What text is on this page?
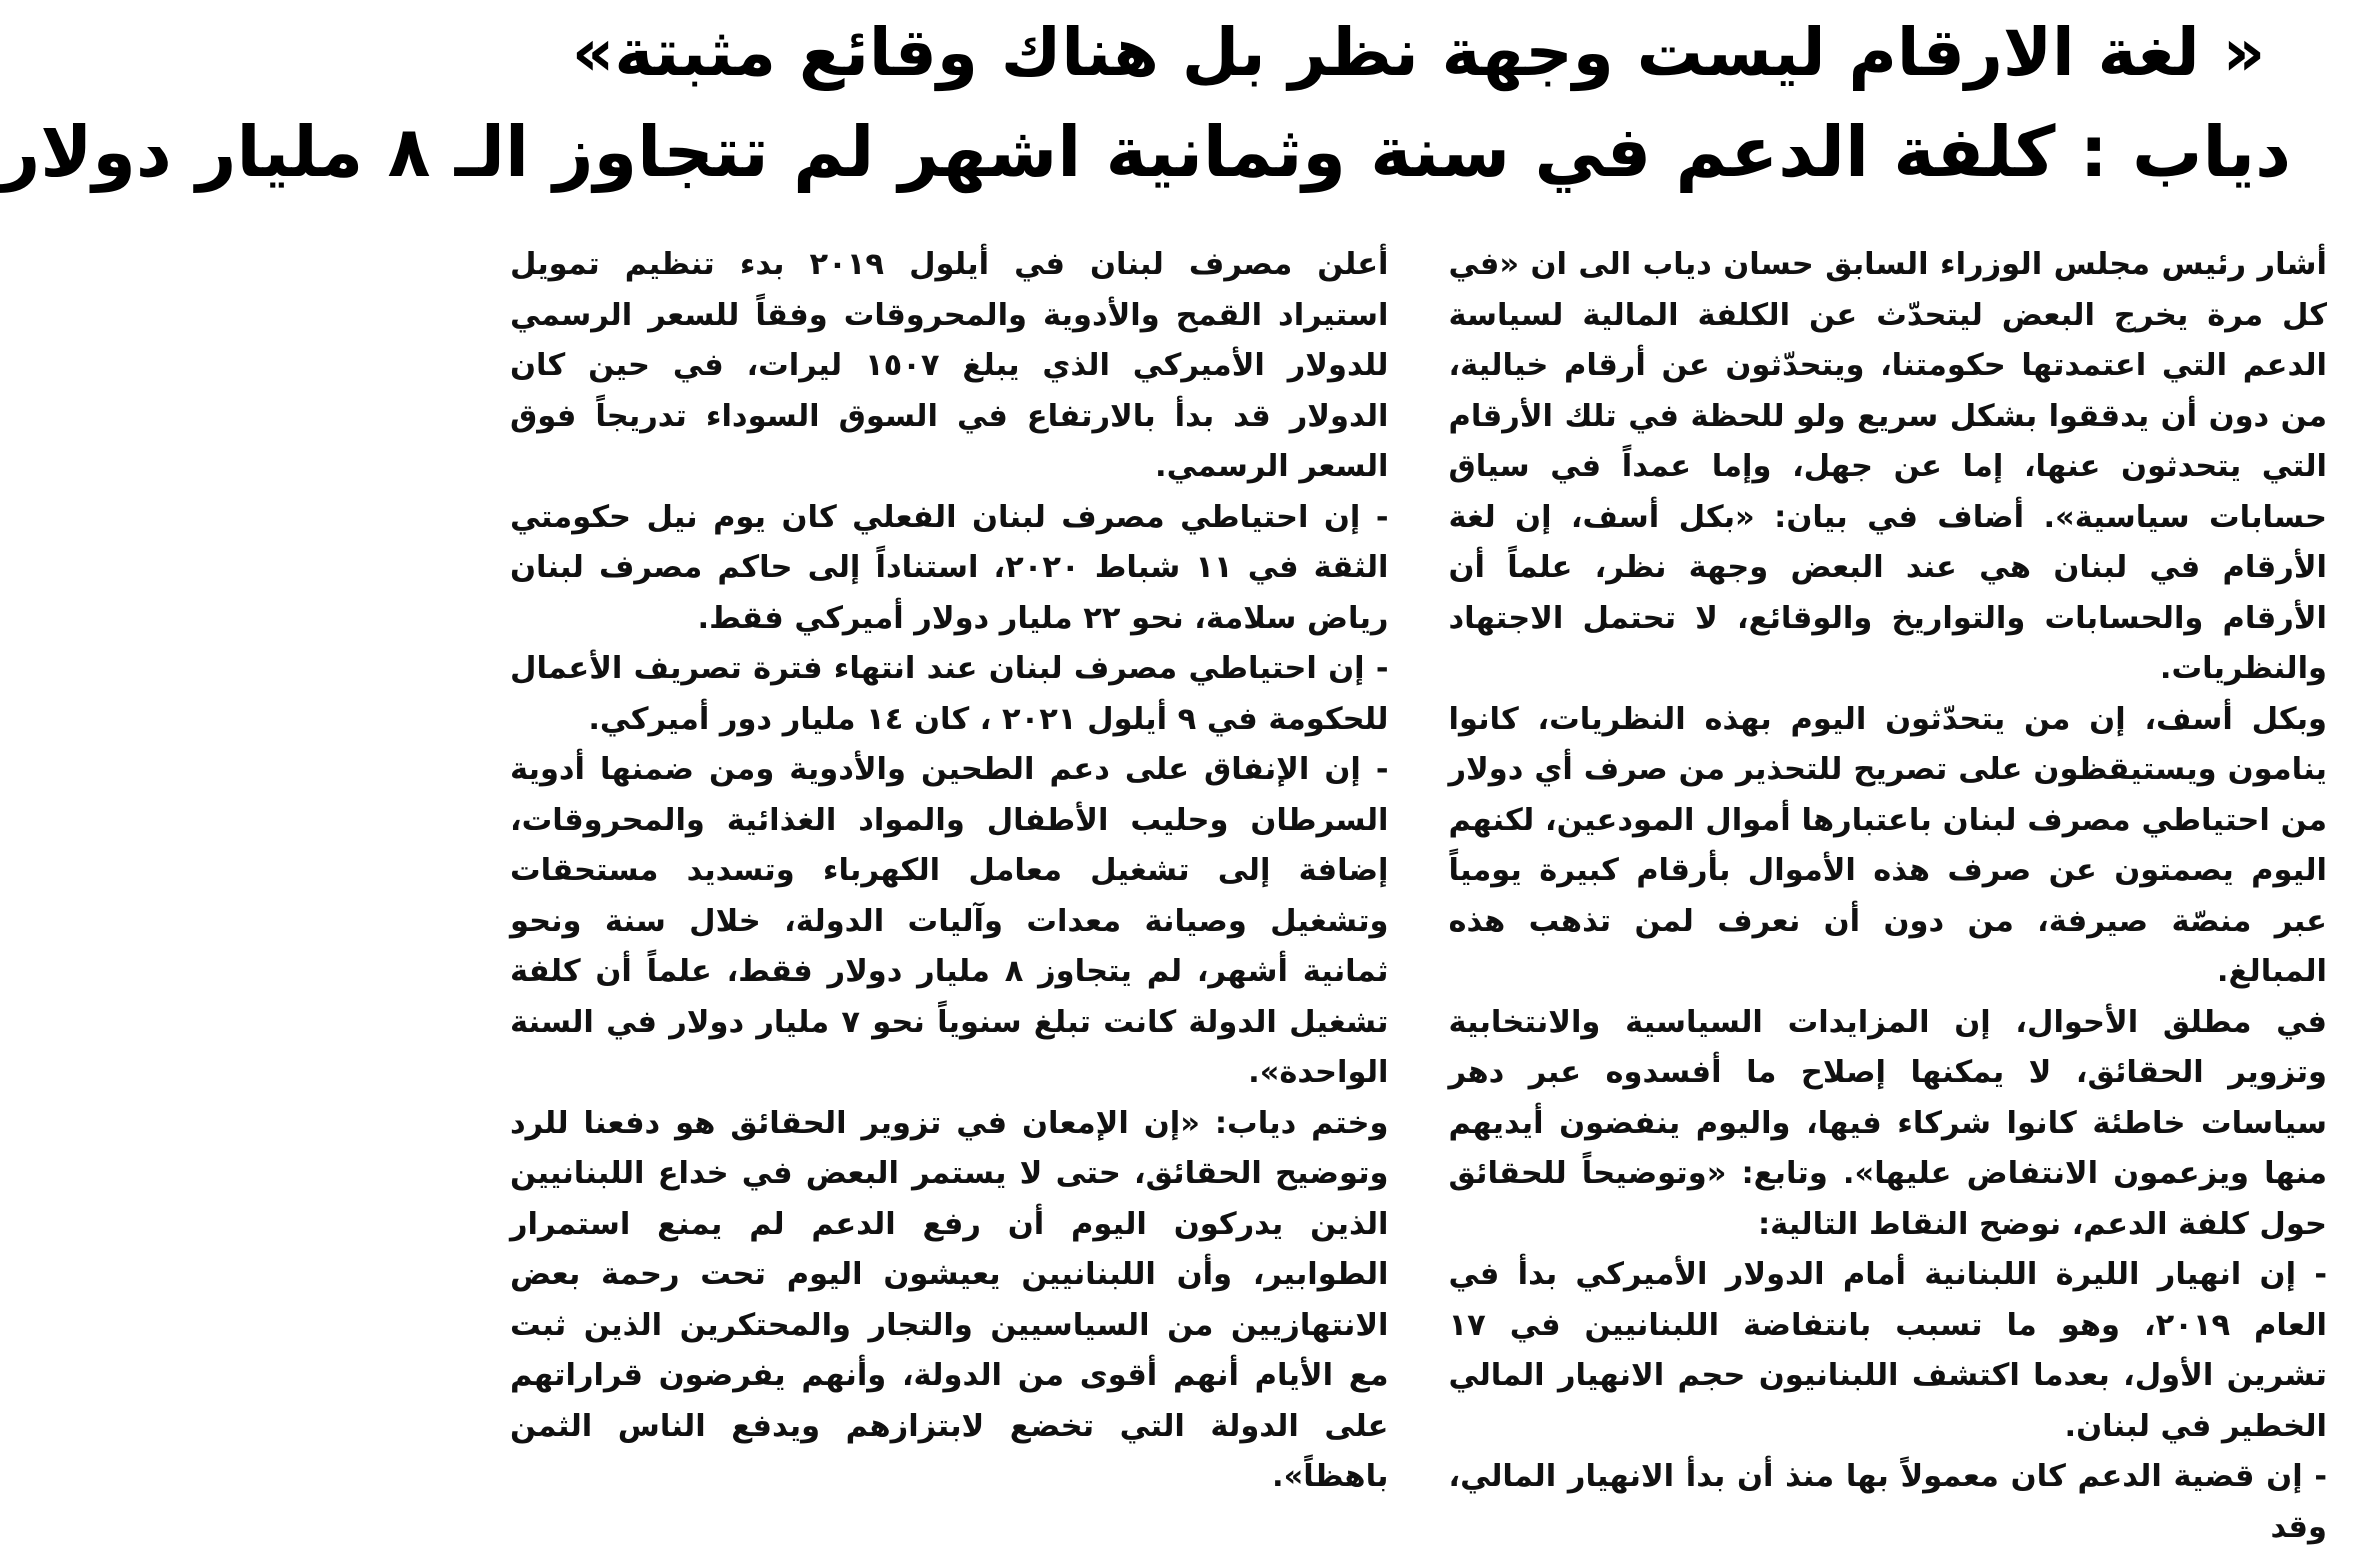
« لغة الارقام ليست وجهة نظر بل هناك وقائع مثبتة»
دياب : كلفة الدعم في سنة وثمانية اشهر لم تتجاوز الـ ٨ مليار دولار

أشار رئيس مجلس الوزراء السابق حسان دياب الى ان «في كل مرة يخرج البعض ليتحدّث عن الكلفة المالية لسياسة الدعم التي اعتمدتها حكومتنا، ويتحدّثون عن أرقام خيالية، من دون أن يدققوا بشكل سريع ولو للحظة في تلك الأرقام التي يتحدثون عنها، إما عن جهل، وإما عمداً في سياق حسابات سياسية». أضاف في بيان: «بكل أسف، إن لغة الأرقام في لبنان هي عند البعض وجهة نظر، علماً أن الأرقام والحسابات والتواريخ والوقائع، لا تحتمل الاجتهاد والنظريات.

وبكل أسف، إن من يتحدّثون اليوم بهذه النظريات، كانوا ينامون ويستيقظون على تصريح للتحذير من صرف أي دولار من احتياطي مصرف لبنان باعتبارها أموال المودعين، لكنهم اليوم يصمتون عن صرف هذه الأموال بأرقام كبيرة يومياً عبر منصّة صيرفة، من دون أن نعرف لمن تذهب هذه المبالغ.

في مطلق الأحوال، إن المزايدات السياسية والانتخابية وتزوير الحقائق، لا يمكنها إصلاح ما أفسدوه عبر دهر سياسات خاطئة كانوا شركاء فيها، واليوم ينفضون أيديهم منها ويزعمون الانتفاض عليها». وتابع: «وتوضيحاً للحقائق حول كلفة الدعم، نوضح النقاط التالية:

- إن انهيار الليرة اللبنانية أمام الدولار الأميركي بدأ في العام ٢٠١٩، وهو ما تسبب بانتفاضة اللبنانيين في ١٧ تشرين الأول، بعدما اكتشف اللبنانيون حجم الانهيار المالي الخطير في لبنان.

- إن قضية الدعم كان معمولاً بها منذ أن بدأ الانهيار المالي، وقد

أعلن مصرف لبنان في أيلول ٢٠١٩ بدء تنظيم تمويل استيراد القمح والأدوية والمحروقات وفقاً للسعر الرسمي للدولار الأميركي الذي يبلغ ١٥٠٧ ليرات، في حين كان الدولار قد بدأ بالارتفاع في السوق السوداء تدريجاً فوق السعر الرسمي.

- إن احتياطي مصرف لبنان الفعلي كان يوم نيل حكومتي الثقة في ١١ شباط ٢٠٢٠، استناداً إلى حاكم مصرف لبنان رياض سلامة، نحو ٢٢ مليار دولار أميركي فقط.

- إن احتياطي مصرف لبنان عند انتهاء فترة تصريف الأعمال للحكومة في ٩ أيلول ٢٠٢١ ، كان ١٤ مليار دور أميركي.

- إن الإنفاق على دعم الطحين والأدوية ومن ضمنها أدوية السرطان وحليب الأطفال والمواد الغذائية والمحروقات، إضافة إلى تشغيل معامل الكهرباء وتسديد مستحقات وتشغيل وصيانة معدات وآليات الدولة، خلال سنة ونحو ثمانية أشهر، لم يتجاوز ٨ مليار دولار فقط، علماً أن كلفة تشغيل الدولة كانت تبلغ سنوياً نحو ٧ مليار دولار في السنة الواحدة».

وختم دياب: «إن الإمعان في تزوير الحقائق هو دفعنا للرد وتوضيح الحقائق، حتى لا يستمر البعض في خداع اللبنانيين الذين يدركون اليوم أن رفع الدعم لم يمنع استمرار الطوابير، وأن اللبنانيين يعيشون اليوم تحت رحمة بعض الانتهازيين من السياسيين والتجار والمحتكرين الذين ثبت مع الأيام أنهم أقوى من الدولة، وأنهم يفرضون قراراتهم على الدولة التي تخضع لابتزازهم ويدفع الناس الثمن باهظاً».
